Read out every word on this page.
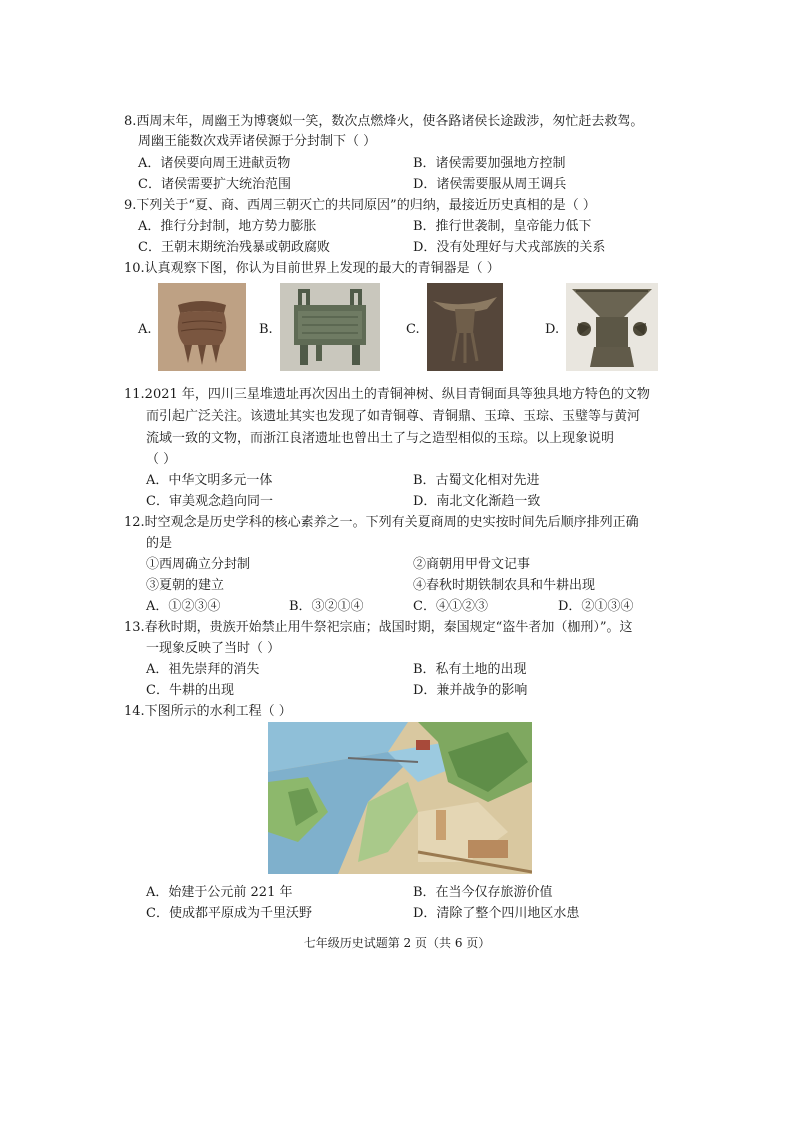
8.西周末年，周幽王为博褒姒一笑，数次点燃烽火，使各路诸侯长途跋涉，匆忙赶去救驾。
周幽王能数次戏弄诸侯源于分封制下（ ）
A．诸侯要向周王进献贡物	B．诸侯需要加强地方控制
C．诸侯需要扩大统治范围	D．诸侯需要服从周王调兵
9.下列关于“夏、商、西周三朝灭亡的共同原因”的归纳，最接近历史真相的是（ ）
A．推行分封制，地方势力膨胀	B．推行世袭制，皇帝能力低下
C．王朝末期统治残暴或朝政腐败	D．没有处理好与犬戎部族的关系
10.认真观察下图，你认为目前世界上发现的最大的青铜器是（ ）
A.	B.	C.	D.
11.2021 年，四川三星堆遗址再次因出土的青铜神树、纵目青铜面具等独具地方特色的文物
而引起广泛关注。该遗址其实也发现了如青铜尊、青铜鼎、玉璋、玉琮、玉璧等与黄河
流域一致的文物，而浙江良渚遗址也曾出土了与之造型相似的玉琮。以上现象说明
（ ）
A．中华文明多元一体	B．古蜀文化相对先进
C．审美观念趋向同一	D．南北文化渐趋一致
12.时空观念是历史学科的核心素养之一。下列有关夏商周的史实按时间先后顺序排列正确
的是
①西周确立分封制	②商朝用甲骨文记事
③夏朝的建立	④春秋时期铁制农具和牛耕出现
A．①②③④	B．③②①④	C．④①②③	D．②①③④
13.春秋时期，贵族开始禁止用牛祭祀宗庙；战国时期，秦国规定“盗牛者加（枷刑）”。这
一现象反映了当时（ ）
A．祖先崇拜的消失	B．私有土地的出现
C．牛耕的出现	D．兼并战争的影响
14.下图所示的水利工程（ ）
A．始建于公元前 221 年	B．在当今仅存旅游价值
C．使成都平原成为千里沃野	D．清除了整个四川地区水患
七年级历史试题第 2 页（共 6 页）
